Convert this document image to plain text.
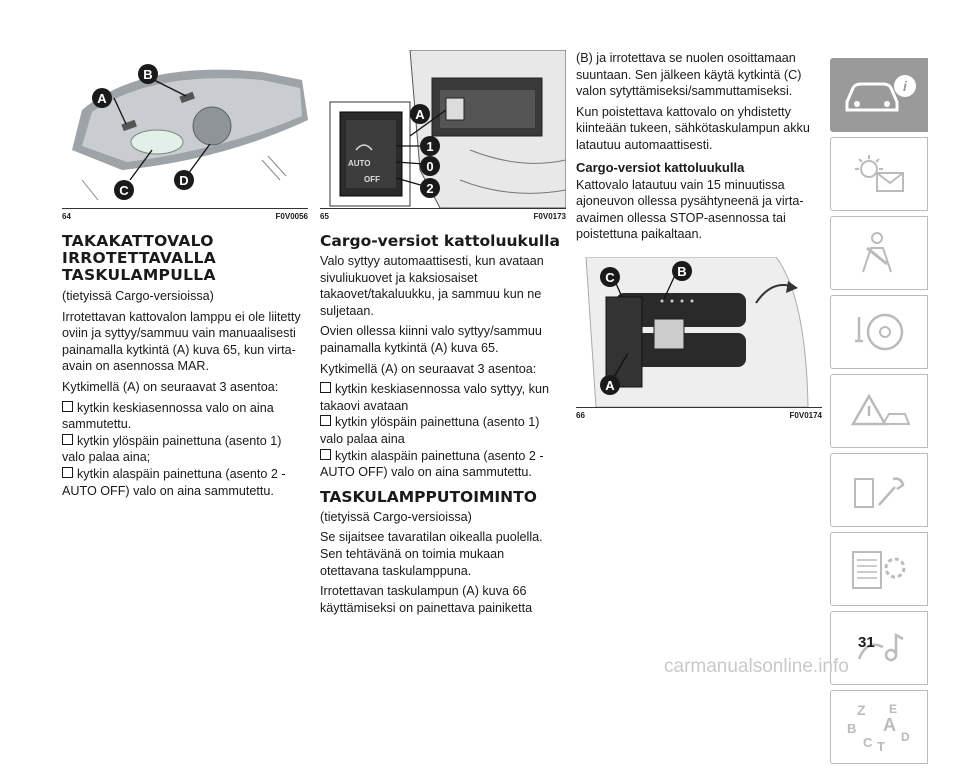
A
B
C
D
64	F0V0056
TAKAKATTOVALO IRROTETTAVALLA TASKULAMPULLA

(tietyissä Cargo-versioissa)

Irrotettavan kattovalon lamppu ei ole liitetty oviin ja syttyy/sammuu vain manuaalisesti painamalla kytkintä (A) kuva 65, kun virta-avain on asennossa MAR.

Kytkimellä (A) on seuraavat 3 asentoa:

kytkin keskiasennossa valo on aina sammutettu.
kytkin ylöspäin painettuna (asento 1) valo palaa aina;
kytkin alaspäin painettuna (asento 2 - AUTO OFF) valo on aina sammutettu.
AUTO
OFF
A
1
0
2
65	F0V0173
Cargo-versiot kattoluukulla

Valo syttyy automaattisesti, kun avataan sivuliukuovet ja kaksiosaiset takaovet/takaluukku, ja sammuu kun ne suljetaan.

Ovien ollessa kiinni valo syttyy/sammuu painamalla kytkintä (A) kuva 65.

Kytkimellä (A) on seuraavat 3 asentoa:

kytkin keskiasennossa valo syttyy, kun takaovi avataan
kytkin ylöspäin painettuna (asento 1) valo palaa aina
kytkin alaspäin painettuna (asento 2 - AUTO OFF) valo on aina sammutettu.
TASKULAMPPUTOIMINTO

(tietyissä Cargo-versioissa)

Se sijaitsee tavaratilan oikealla puolella. Sen tehtävänä on toimia mukaan otettavana taskulamppuna.

Irrotettavan taskulampun (A) kuva 66 käyttämiseksi on painettava painiketta

(B) ja irrotettava se nuolen osoittamaan suuntaan. Sen jälkeen käytä kytkintä (C) valon sytyttämiseksi/sammuttamiseksi.

Kun poistettava kattovalo on yhdistetty kiinteään tukeen, sähkötaskulampun akku latautuu automaattisesti.

Cargo-versiot kattoluukulla

Kattovalo latautuu vain 15 minuutissa ajoneuvon ollessa pysähtyneenä ja virta-avaimen ollessa STOP-asennossa tai poistettuna paikaltaan.

C	B
A
66	F0V0174
i
Z E
B A
C T
D
31
carmanualsonline.info
